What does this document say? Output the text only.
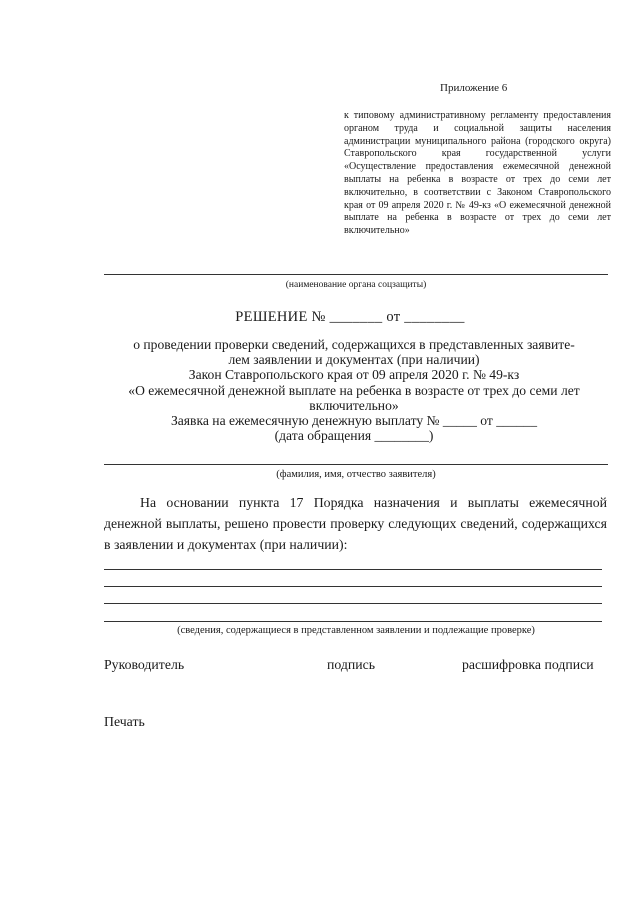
Приложение 6
к типовому административному регламенту предоставления органом труда и социальной защиты населения администрации муниципального района (городского округа) Ставропольского края государственной услуги «Осуществление предоставления ежемесячной денежной выплаты на ребенка в возрасте от трех до семи лет включительно, в соответствии с Законом Ставропольского края от 09 апреля 2020 г. № 49-кз «О ежемесячной денежной выплате на ребенка в возрасте от трех до семи лет включительно»
(наименование органа соцзащиты)
РЕШЕНИЕ № _______ от ________
о проведении проверки сведений, содержащихся в представленных заявите-
лем заявлении и документах (при наличии)
Закон Ставропольского края от 09 апреля 2020 г. № 49-кз
«О ежемесячной денежной выплате на ребенка в возрасте от трех до семи лет
включительно»
Заявка на ежемесячную денежную выплату № _____ от ______
(дата обращения ________)
(фамилия, имя, отчество заявителя)
На основании пункта 17 Порядка назначения и выплаты ежемесячной денежной выплаты, решено провести проверку следующих сведений, содержащихся в заявлении и документах (при наличии):
(сведения, содержащиеся в представленном заявлении и подлежащие проверке)
Руководитель	подпись	расшифровка подписи
Печать
